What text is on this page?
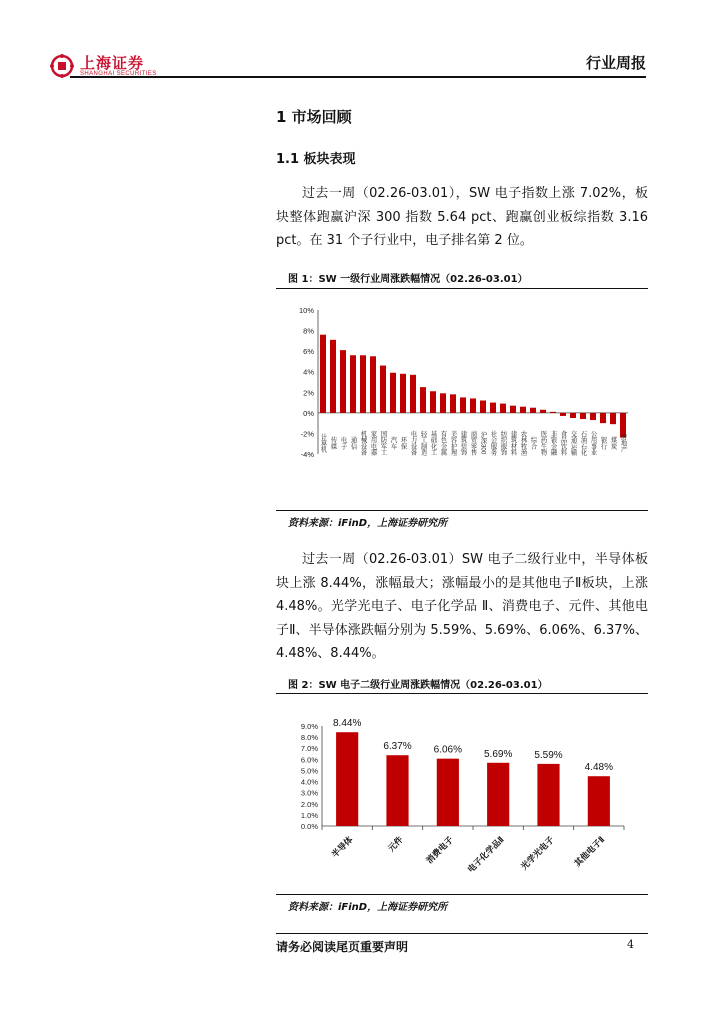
上海证券
SHANGHAI SECURITIES
行业周报
1 市场回顾
1.1 板块表现
过去一周（02.26-03.01），SW 电子指数上涨 7.02%，板块整体跑赢沪深 300 指数 5.64 pct、跑赢创业板综指数 3.16 pct。在 31 个子行业中，电子排名第 2 位。
图 1：SW 一级行业周涨跌幅情况（02.26-03.01）
-4%
-2%
0%
2%
4%
6%
8%
10%
计算机 传媒 电子 通信 机械设备 家用电器 国防军工 汽车 环保 电力设备 轻工制造 基础化工 有色金属 美容护理 建筑装饰 商贸零售 沪深300 社会服务 纺织服饰 建筑材料 农林牧渔 综合 医药生物 非银金融 食品饮料 交通运输 石油石化 公用事业 银行 煤炭 房地产
资料来源：iFinD，上海证券研究所
过去一周（02.26-03.01）SW 电子二级行业中，半导体板块上涨 8.44%，涨幅最大；涨幅最小的是其他电子Ⅱ板块，上涨 4.48%。光学光电子、电子化学品 Ⅱ、消费电子、元件、其他电子Ⅱ、半导体涨跌幅分别为 5.59%、5.69%、6.06%、6.37%、4.48%、8.44%。
图 2：SW 电子二级行业周涨跌幅情况（02.26-03.01）
0.0%
1.0%
2.0%
3.0%
4.0%
5.0%
6.0%
7.0%
8.0%
9.0% 8.44%
6.37% 6.06% 5.69% 5.59%
4.48%
半导体	元件 消费电子 电子化学品Ⅱ 光学光电子 其他电子Ⅱ
资料来源：iFinD，上海证券研究所
请务必阅读尾页重要声明	4
